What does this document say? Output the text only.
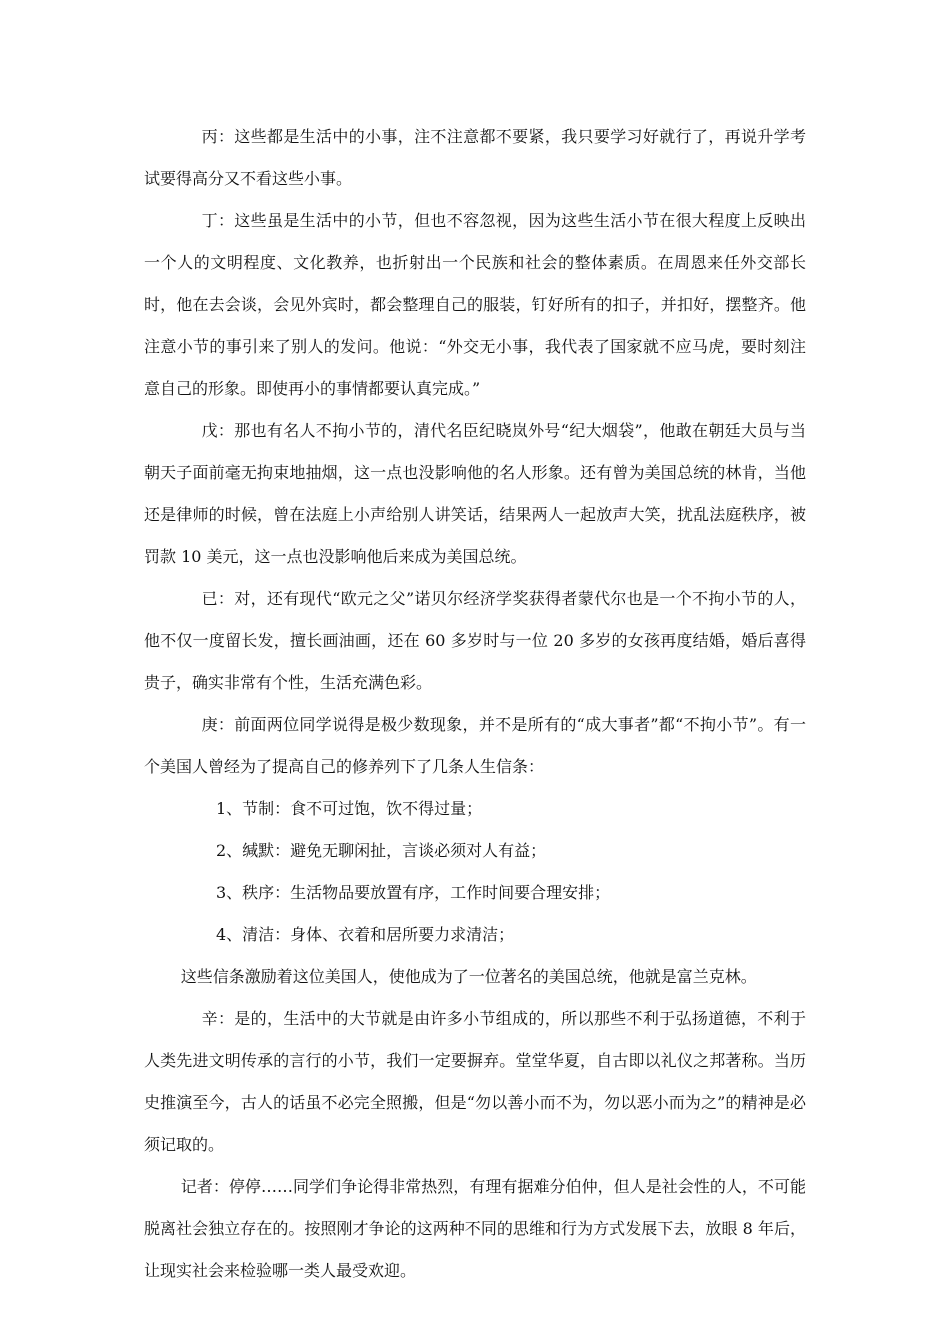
丙：这些都是生活中的小事，注不注意都不要紧，我只要学习好就行了，再说升学考试要得高分又不看这些小事。

丁：这些虽是生活中的小节，但也不容忽视，因为这些生活小节在很大程度上反映出一个人的文明程度、文化教养，也折射出一个民族和社会的整体素质。在周恩来任外交部长时，他在去会谈，会见外宾时，都会整理自己的服装，钉好所有的扣子，并扣好，摆整齐。他注意小节的事引来了别人的发问。他说：“外交无小事，我代表了国家就不应马虎，要时刻注意自己的形象。即使再小的事情都要认真完成。”

戊：那也有名人不拘小节的，清代名臣纪晓岚外号“纪大烟袋”，他敢在朝廷大员与当朝天子面前毫无拘束地抽烟，这一点也没影响他的名人形象。还有曾为美国总统的林肯，当他还是律师的时候，曾在法庭上小声给别人讲笑话，结果两人一起放声大笑，扰乱法庭秩序，被罚款 10 美元，这一点也没影响他后来成为美国总统。

已：对，还有现代“欧元之父”诺贝尔经济学奖获得者蒙代尔也是一个不拘小节的人，他不仅一度留长发，擅长画油画，还在 60 多岁时与一位 20 多岁的女孩再度结婚，婚后喜得贵子，确实非常有个性，生活充满色彩。

庚：前面两位同学说得是极少数现象，并不是所有的“成大事者”都“不拘小节”。有一个美国人曾经为了提高自己的修养列下了几条人生信条：

1、节制：食不可过饱，饮不得过量；

2、缄默：避免无聊闲扯，言谈必须对人有益；

3、秩序：生活物品要放置有序，工作时间要合理安排；

4、清洁：身体、衣着和居所要力求清洁；

这些信条激励着这位美国人，使他成为了一位著名的美国总统，他就是富兰克林。

辛：是的，生活中的大节就是由许多小节组成的，所以那些不利于弘扬道德，不利于人类先进文明传承的言行的小节，我们一定要摒弃。堂堂华夏，自古即以礼仪之邦著称。当历史推演至今，古人的话虽不必完全照搬，但是“勿以善小而不为，勿以恶小而为之”的精神是必须记取的。

记者：停停……同学们争论得非常热烈，有理有据难分伯仲，但人是社会性的人，不可能脱离社会独立存在的。按照刚才争论的这两种不同的思维和行为方式发展下去，放眼 8 年后，让现实社会来检验哪一类人最受欢迎。
